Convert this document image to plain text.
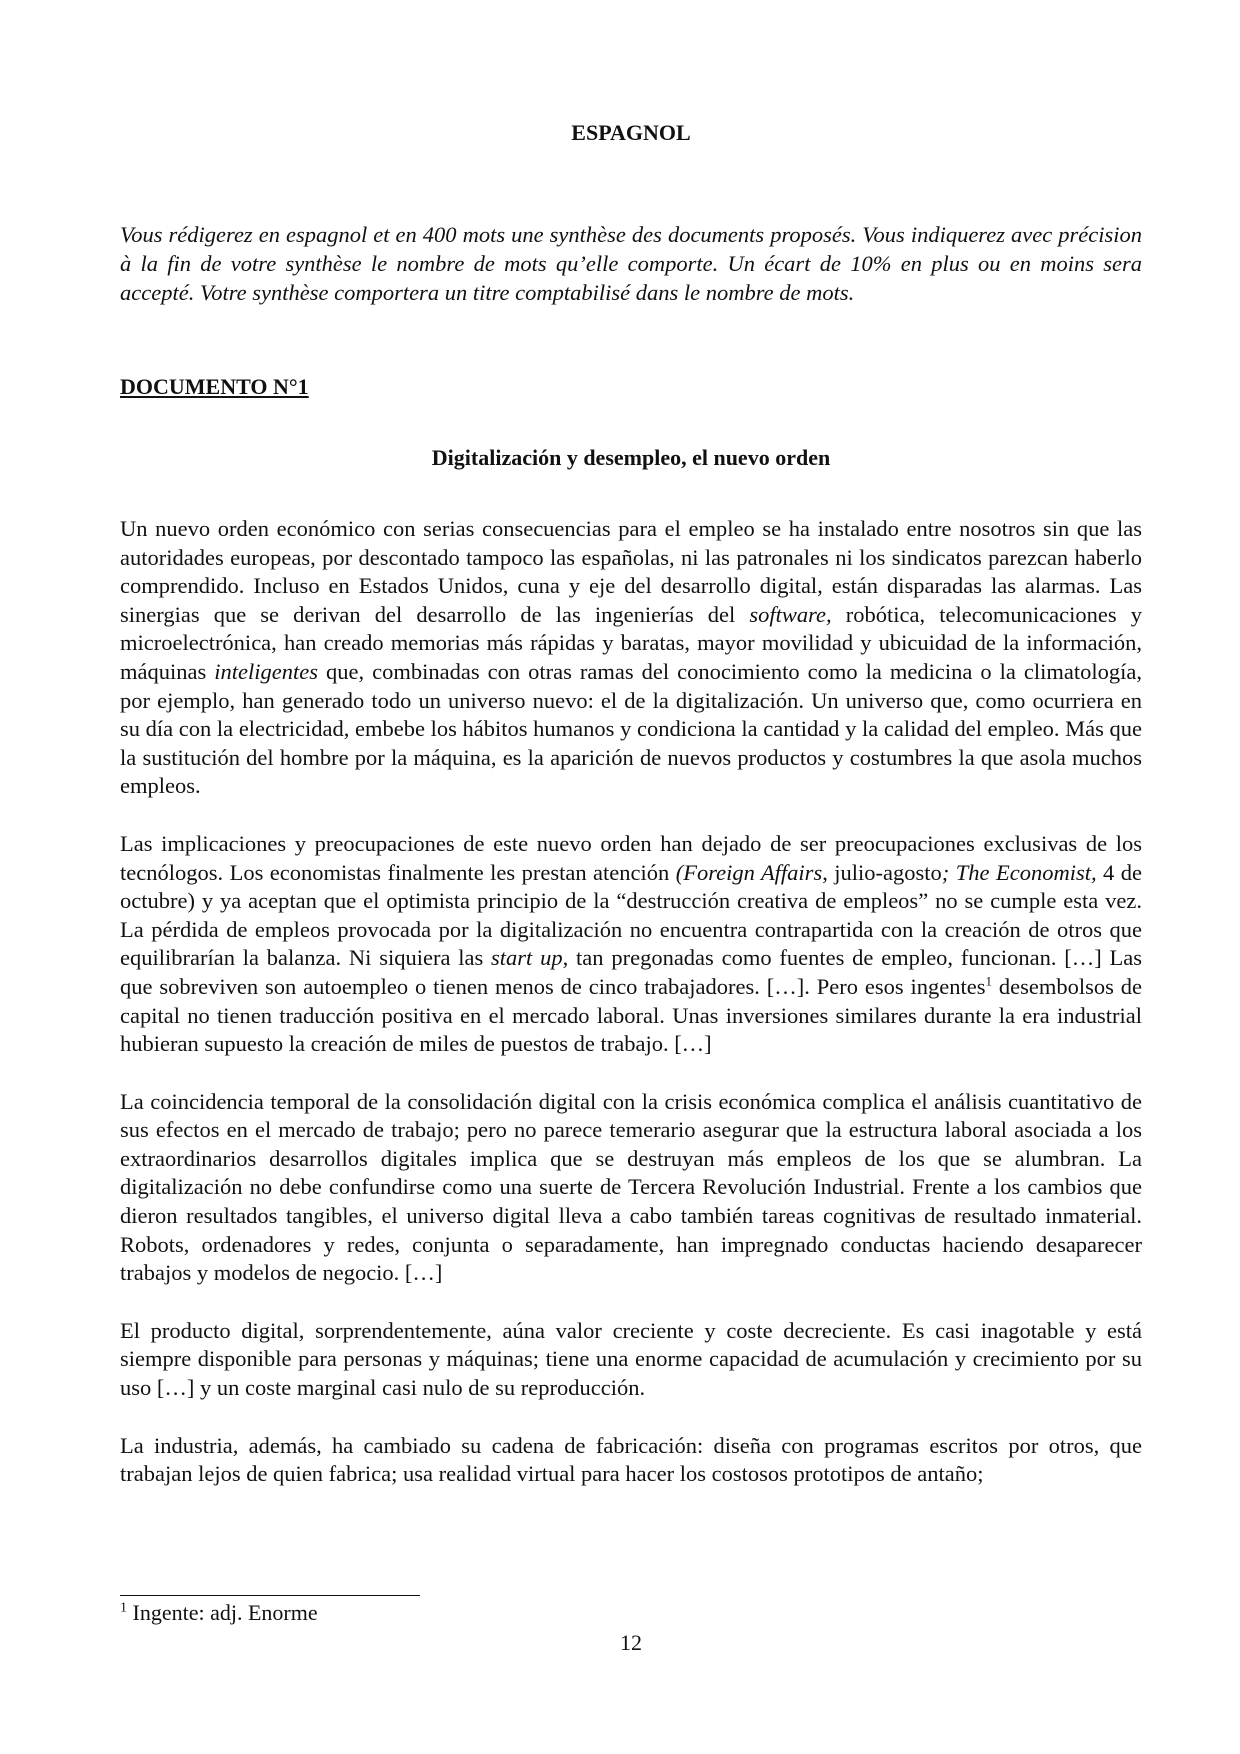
ESPAGNOL
Vous rédigerez en espagnol et en 400 mots une synthèse des documents proposés. Vous indiquerez avec précision à la fin de votre synthèse le nombre de mots qu’elle comporte. Un écart de 10% en plus ou en moins sera accepté. Votre synthèse comportera un titre comptabilisé dans le nombre de mots.
DOCUMENTO N°1
Digitalización y desempleo, el nuevo orden

Un nuevo orden económico con serias consecuencias para el empleo se ha instalado entre nosotros sin que las autoridades europeas, por descontado tampoco las españolas, ni las patronales ni los sindicatos parezcan haberlo comprendido. Incluso en Estados Unidos, cuna y eje del desarrollo digital, están disparadas las alarmas. Las sinergias que se derivan del desarrollo de las ingenierías del software, robótica, telecomunicaciones y microelectrónica, han creado memorias más rápidas y baratas, mayor movilidad y ubicuidad de la información, máquinas inteligentes que, combinadas con otras ramas del conocimiento como la medicina o la climatología, por ejemplo, han generado todo un universo nuevo: el de la digitalización. Un universo que, como ocurriera en su día con la electricidad, embebe los hábitos humanos y condiciona la cantidad y la calidad del empleo. Más que la sustitución del hombre por la máquina, es la aparición de nuevos productos y costumbres la que asola muchos empleos.

Las implicaciones y preocupaciones de este nuevo orden han dejado de ser preocupaciones exclusivas de los tecnólogos. Los economistas finalmente les prestan atención (Foreign Affairs, julio-agosto; The Economist, 4 de octubre) y ya aceptan que el optimista principio de la “destrucción creativa de empleos” no se cumple esta vez. La pérdida de empleos provocada por la digitalización no encuentra contrapartida con la creación de otros que equilibrarían la balanza. Ni siquiera las start up, tan pregonadas como fuentes de empleo, funcionan. […] Las que sobreviven son autoempleo o tienen menos de cinco trabajadores. […]. Pero esos ingentes$^1$ desembolsos de capital no tienen traducción positiva en el mercado laboral. Unas inversiones similares durante la era industrial hubieran supuesto la creación de miles de puestos de trabajo. […]

La coincidencia temporal de la consolidación digital con la crisis económica complica el análisis cuantitativo de sus efectos en el mercado de trabajo; pero no parece temerario asegurar que la estructura laboral asociada a los extraordinarios desarrollos digitales implica que se destruyan más empleos de los que se alumbran. La digitalización no debe confundirse como una suerte de Tercera Revolución Industrial. Frente a los cambios que dieron resultados tangibles, el universo digital lleva a cabo también tareas cognitivas de resultado inmaterial. Robots, ordenadores y redes, conjunta o separadamente, han impregnado conductas haciendo desaparecer trabajos y modelos de negocio. […]

El producto digital, sorprendentemente, aúna valor creciente y coste decreciente. Es casi inagotable y está siempre disponible para personas y máquinas; tiene una enorme capacidad de acumulación y crecimiento por su uso […] y un coste marginal casi nulo de su reproducción.

La industria, además, ha cambiado su cadena de fabricación: diseña con programas escritos por otros, que trabajan lejos de quien fabrica; usa realidad virtual para hacer los costosos prototipos de antaño;

$^1$ Ingente: adj. Enorme
12
